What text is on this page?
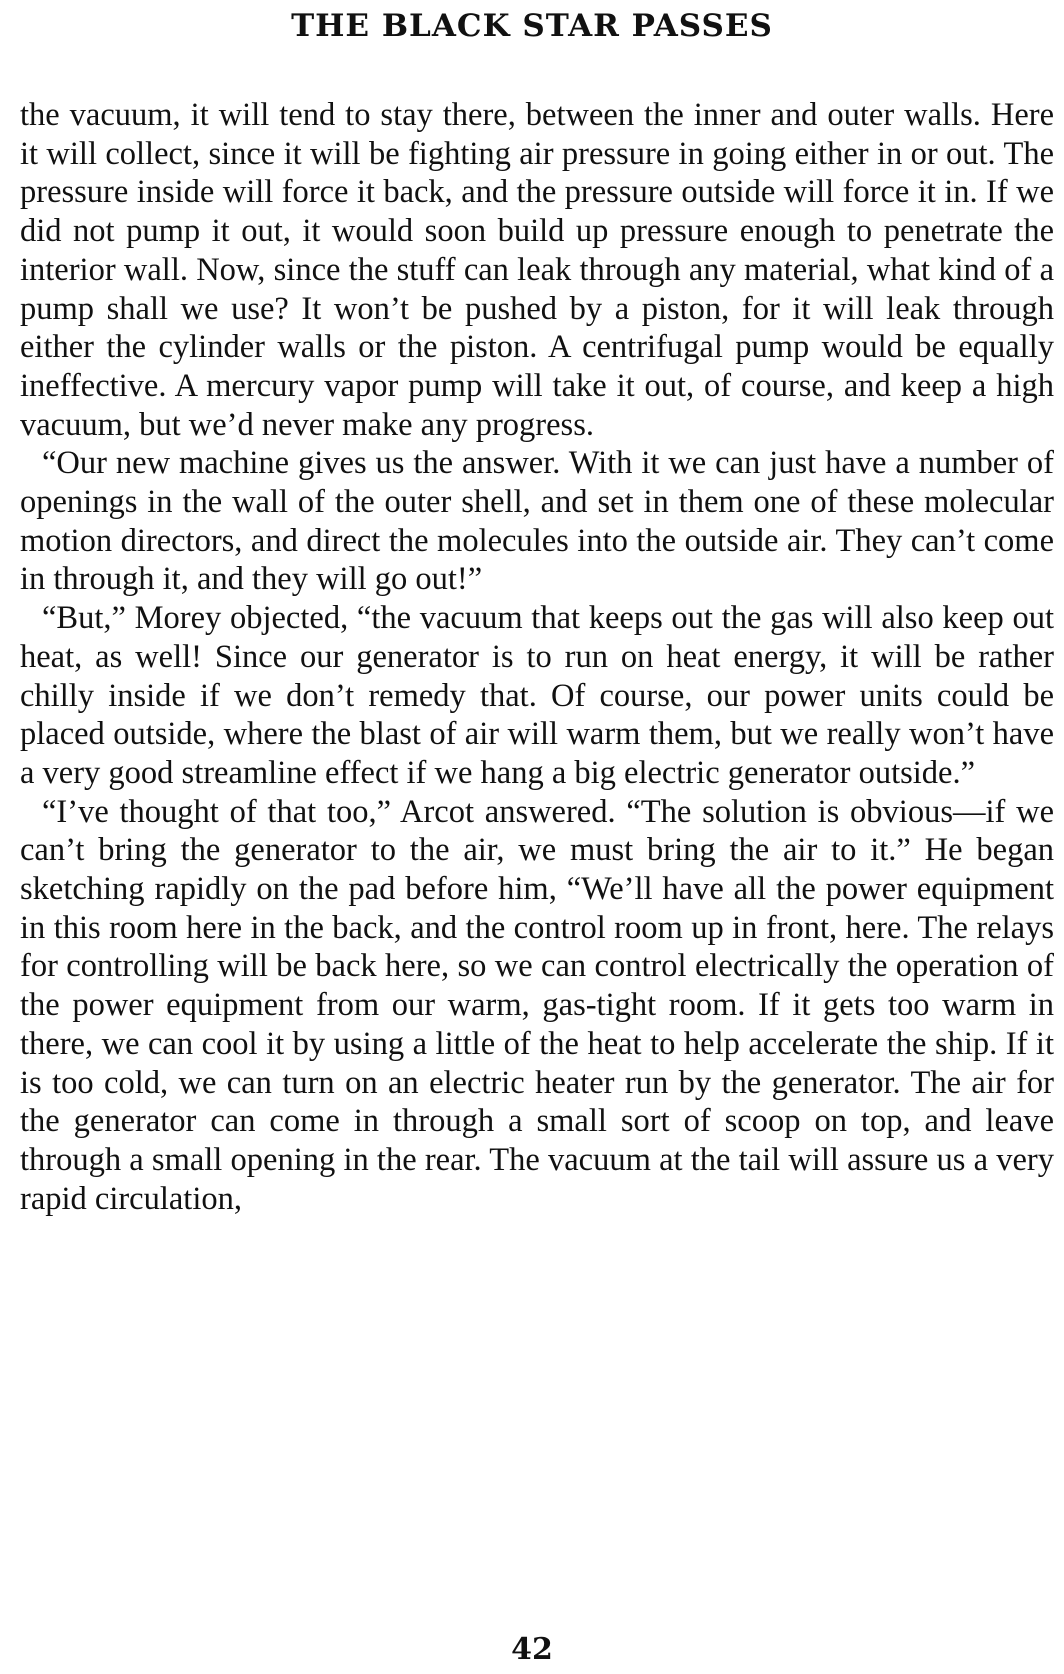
THE BLACK STAR PASSES

the vacuum, it will tend to stay there, between the inner and outer walls. Here it will collect, since it will be fighting air pressure in going either in or out. The pressure inside will force it back, and the pressure outside will force it in. If we did not pump it out, it would soon build up pressure enough to penetrate the interior wall. Now, since the stuff can leak through any material, what kind of a pump shall we use? It won’t be pushed by a piston, for it will leak through either the cylinder walls or the piston. A centrifugal pump would be equally ineffective. A mercury vapor pump will take it out, of course, and keep a high vacuum, but we’d never make any progress.

“Our new machine gives us the answer. With it we can just have a number of openings in the wall of the outer shell, and set in them one of these molecular motion directors, and direct the molecules into the outside air. They can’t come in through it, and they will go out!”

“But,” Morey objected, “the vacuum that keeps out the gas will also keep out heat, as well! Since our generator is to run on heat energy, it will be rather chilly inside if we don’t remedy that. Of course, our power units could be placed outside, where the blast of air will warm them, but we really won’t have a very good streamline effect if we hang a big electric generator outside.”

“I’ve thought of that too,” Arcot answered. “The solution is obvious—if we can’t bring the generator to the air, we must bring the air to it.” He began sketching rapidly on the pad before him, “We’ll have all the power equipment in this room here in the back, and the control room up in front, here. The relays for controlling will be back here, so we can control electrically the operation of the power equipment from our warm, gas-tight room. If it gets too warm in there, we can cool it by using a little of the heat to help accelerate the ship. If it is too cold, we can turn on an electric heater run by the generator. The air for the generator can come in through a small sort of scoop on top, and leave through a small opening in the rear. The vacuum at the tail will assure us a very rapid circulation,

42
